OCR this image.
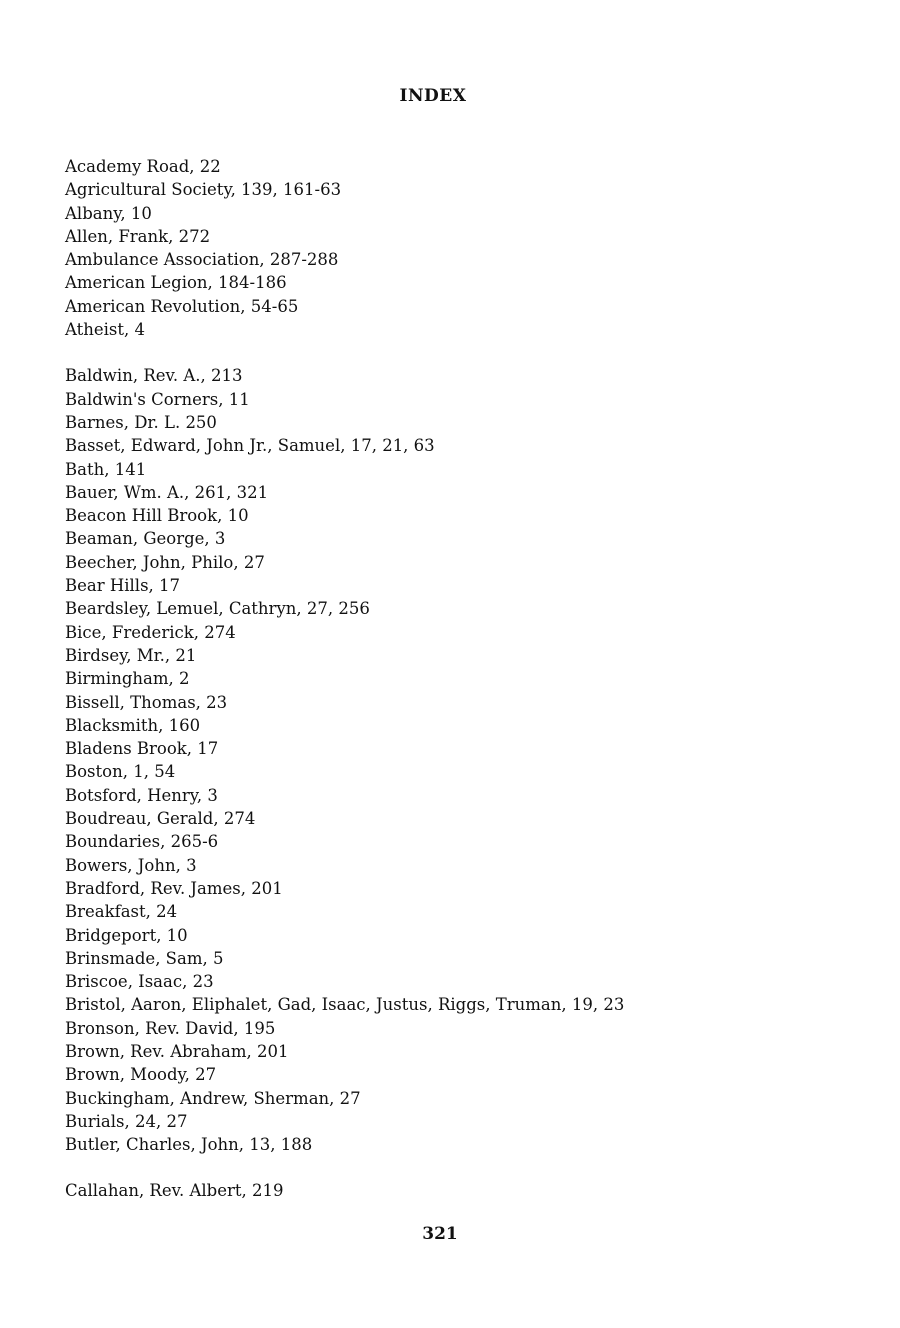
INDEX
Academy Road, 22
Agricultural Society, 139, 161-63
Albany, 10
Allen, Frank, 272
Ambulance Association, 287-288
American Legion, 184-186
American Revolution, 54-65
Atheist, 4
Baldwin, Rev. A., 213
Baldwin's Corners, 11
Barnes, Dr. L. 250
Basset, Edward, John Jr., Samuel, 17, 21, 63
Bath, 141
Bauer, Wm. A., 261, 321
Beacon Hill Brook, 10
Beaman, George, 3
Beecher, John, Philo, 27
Bear Hills, 17
Beardsley, Lemuel, Cathryn, 27, 256
Bice, Frederick, 274
Birdsey, Mr., 21
Birmingham, 2
Bissell, Thomas, 23
Blacksmith, 160
Bladens Brook, 17
Boston, 1, 54
Botsford, Henry, 3
Boudreau, Gerald, 274
Boundaries, 265-6
Bowers, John, 3
Bradford, Rev. James, 201
Breakfast, 24
Bridgeport, 10
Brinsmade, Sam, 5
Briscoe, Isaac, 23
Bristol, Aaron, Eliphalet, Gad, Isaac, Justus, Riggs, Truman, 19, 23
Bronson, Rev. David, 195
Brown, Rev. Abraham, 201
Brown, Moody, 27
Buckingham, Andrew, Sherman, 27
Burials, 24, 27
Butler, Charles, John, 13, 188
Callahan, Rev. Albert, 219
321
